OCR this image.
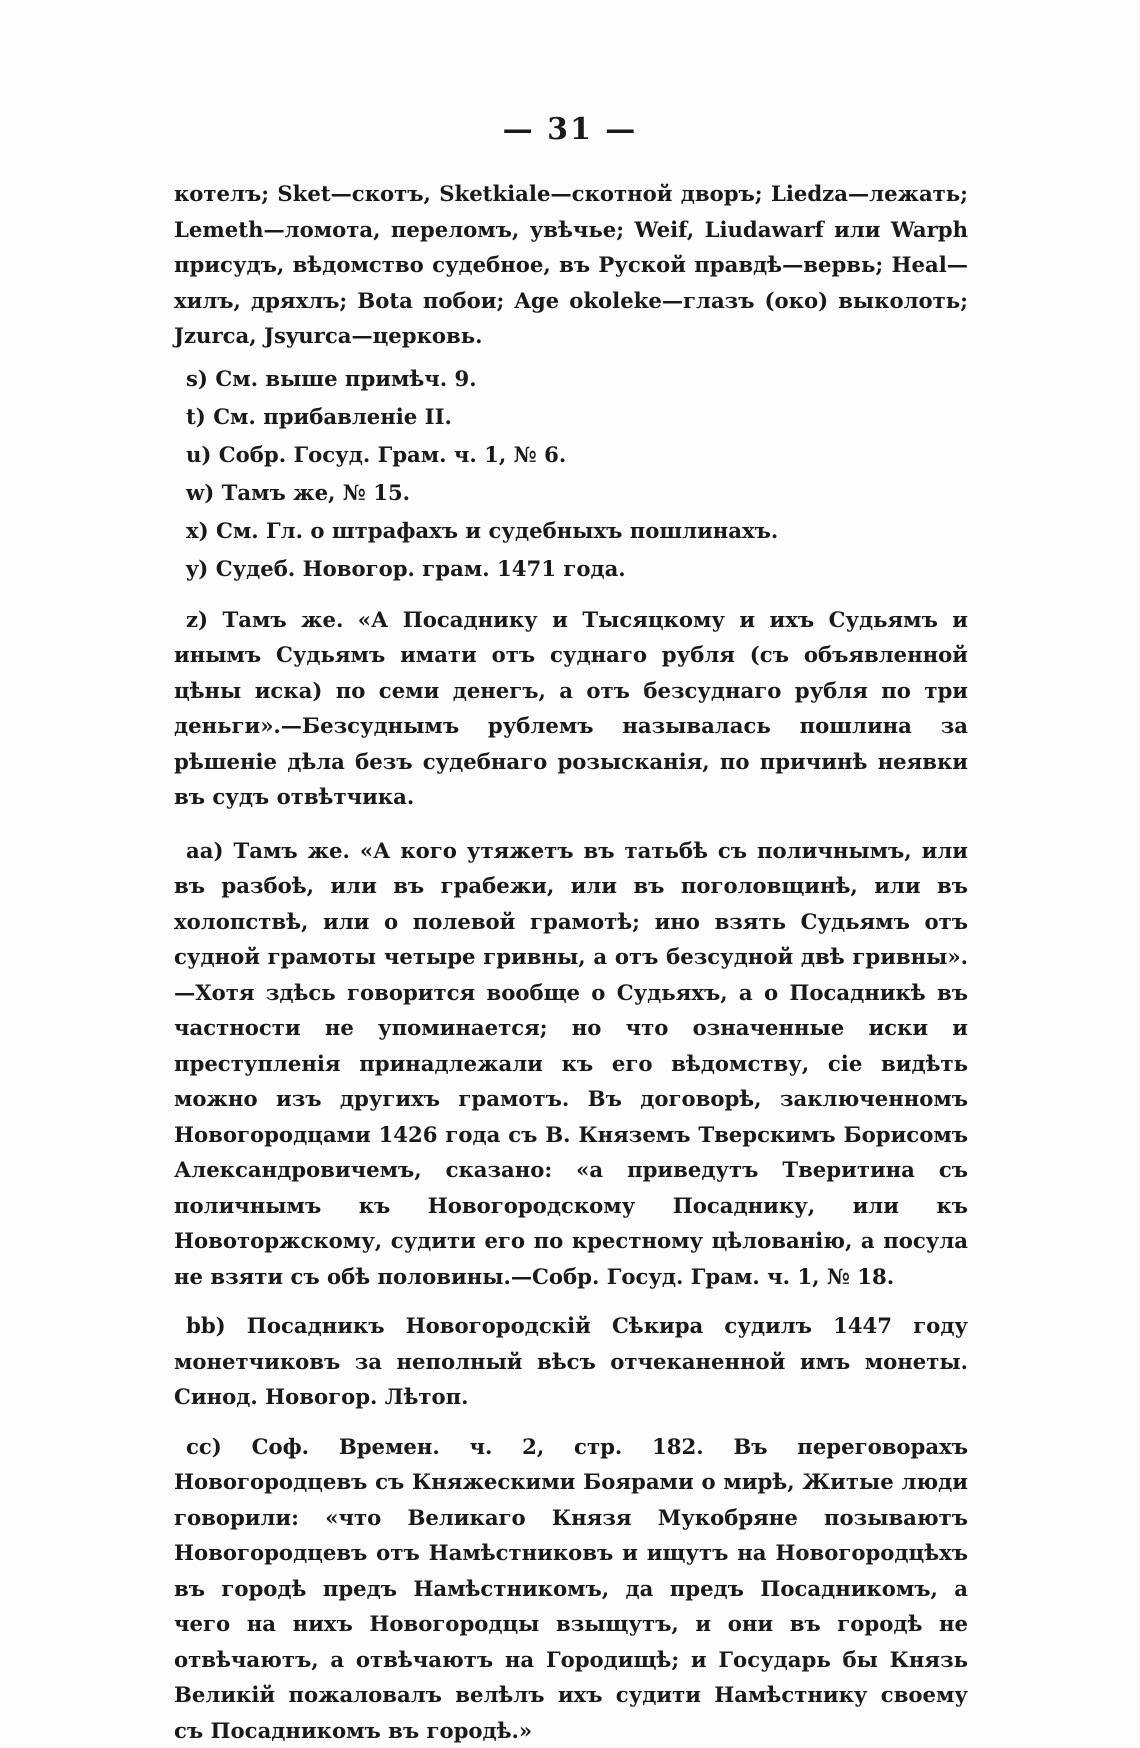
— 31 —

котелъ; Sket—скотъ, Sketkiale—скотной дворъ; Liedza—лежать; Lemeth—ломота, переломъ, увѣчье; Weif, Liudawarf или Warph присудъ, вѣдомство судебное, въ Руской правдѣ—вервь; Heal—хилъ, дряхлъ; Bota побои; Age okoleke—глазъ (око) выколоть; Jzurca, Jsyurca—церковь.

s) См. выше примѣч. 9.

t) См. прибавленіе II.

u) Собр. Госуд. Грам. ч. 1, № 6.

w) Тамъ же, № 15.

x) См. Гл. о штрафахъ и судебныхъ пошлинахъ.

y) Судеб. Новогор. грам. 1471 года.

z) Тамъ же. «А Посаднику и Тысяцкому и ихъ Судьямъ и инымъ Судьямъ имати отъ суднаго рубля (съ объявленной цѣны иска) по семи денегъ, а отъ безсуднаго рубля по три деньги».—Безсуднымъ рублемъ называлась пошлина за рѣшеніе дѣла безъ судебнаго розысканія, по причинѣ неявки въ судъ отвѣтчика.

aa) Тамъ же. «А кого утяжетъ въ татьбѣ съ поличнымъ, или въ разбоѣ, или въ грабежи, или въ поголовщинѣ, или въ холопствѣ, или о полевой грамотѣ; ино взять Судьямъ отъ судной грамоты четыре гривны, а отъ безсудной двѣ гривны».—Хотя здѣсь говорится вообще о Судьяхъ, а о Посадникѣ въ частности не упоминается; но что означенные иски и преступленія принадлежали къ его вѣдомству, сіе видѣть можно изъ другихъ грамотъ. Въ договорѣ, заключенномъ Новогородцами 1426 года съ В. Княземъ Тверскимъ Борисомъ Александровичемъ, сказано: «а приведутъ Тверитина съ поличнымъ къ Новогородскому Посаднику, или къ Новоторжскому, судити его по крестному цѣлованію, а посула не взяти съ обѣ половины.—Собр. Госуд. Грам. ч. 1, № 18.

bb) Посадникъ Новогородскій Сѣкира судилъ 1447 году монетчиковъ за неполный вѣсъ отчеканенной имъ монеты. Синод. Новогор. Лѣтоп.

cc) Соф. Времен. ч. 2, стр. 182. Въ переговорахъ Новогородцевъ съ Княжескими Боярами о мирѣ, Житые люди говорили: «что Великаго Князя Мукобряне позываютъ Новогородцевъ отъ Намѣстниковъ и ищутъ на Новогородцѣхъ въ городѣ предъ Намѣстникомъ, да предъ Посадникомъ, а чего на нихъ Новогородцы взыщутъ, и они въ городѣ не отвѣчаютъ, а отвѣчаютъ на Городищѣ; и Государь бы Князь Великій пожаловалъ велѣлъ ихъ судити Намѣстнику своему съ Посадникомъ въ городѣ.»
